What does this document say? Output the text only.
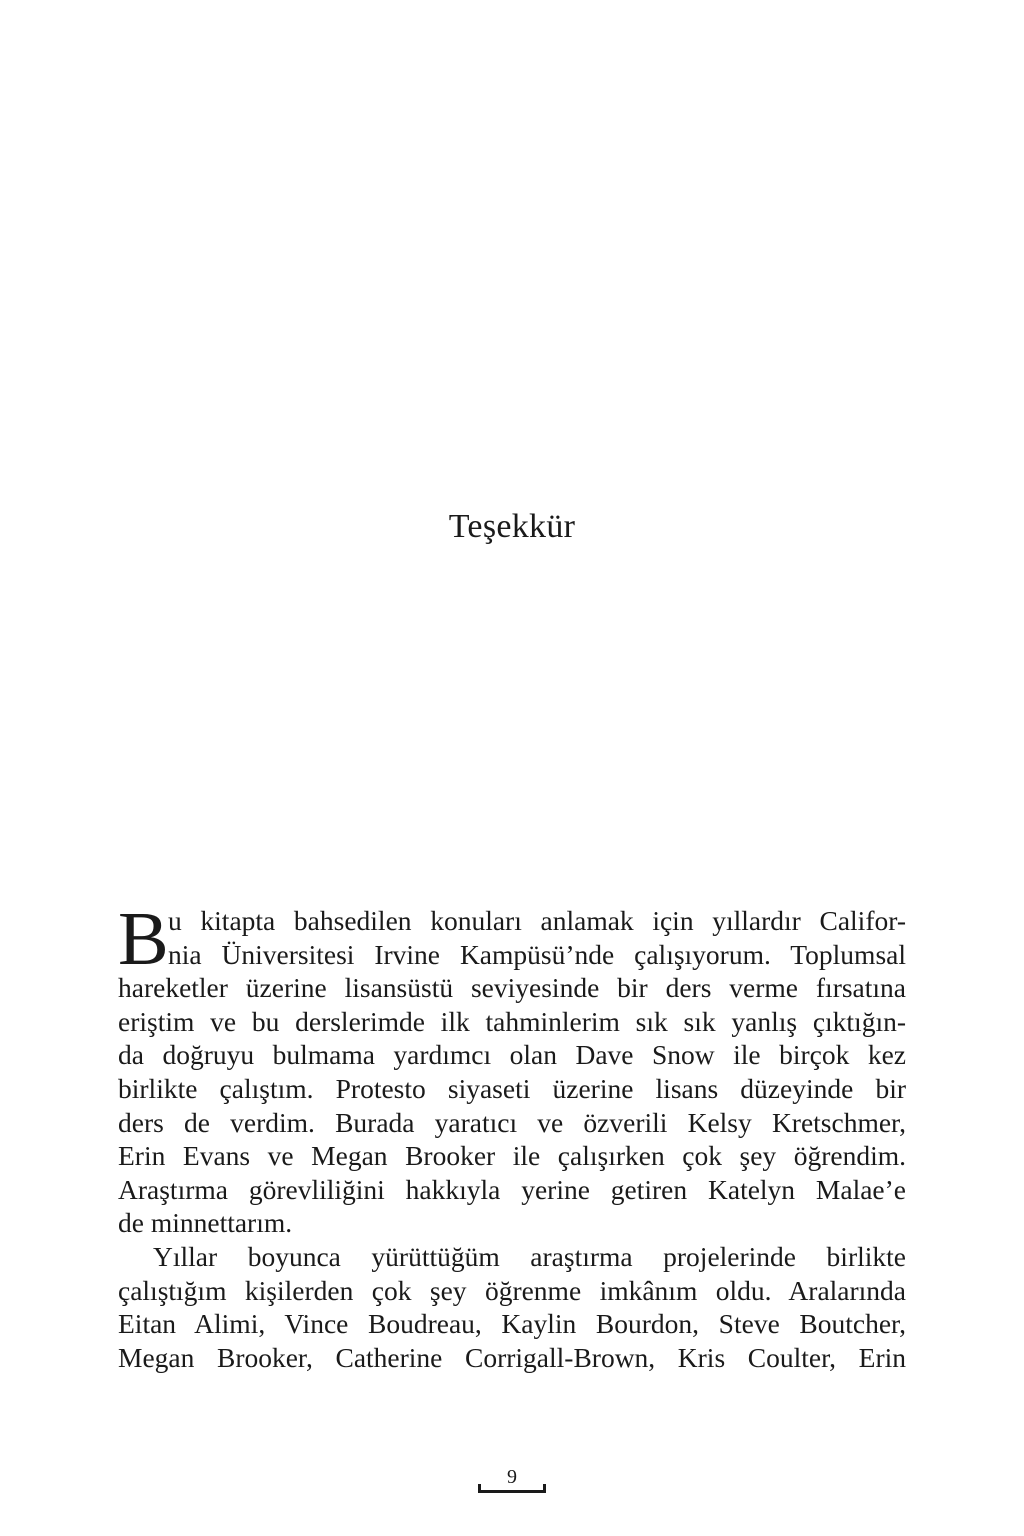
Teşekkür
B u kitapta bahsedilen konuları anlamak için yıllardır Califor-
nia Üniversitesi Irvine Kampüsü’nde çalışıyorum. Toplumsal
hareketler üzerine lisansüstü seviyesinde bir ders verme fırsatına
eriştim ve bu derslerimde ilk tahminlerim sık sık yanlış çıktığın-
da doğruyu bulmama yardımcı olan Dave Snow ile birçok kez
birlikte çalıştım. Protesto siyaseti üzerine lisans düzeyinde bir
ders de verdim. Burada yaratıcı ve özverili Kelsy Kretschmer,
Erin Evans ve Megan Brooker ile çalışırken çok şey öğrendim.
Araştırma görevliliğini hakkıyla yerine getiren Katelyn Malae’e
de minnettarım.
Yıllar boyunca yürüttüğüm araştırma projelerinde birlikte
çalıştığım kişilerden çok şey öğrenme imkânım oldu. Aralarında
Eitan Alimi, Vince Boudreau, Kaylin Bourdon, Steve Boutcher,
Megan Brooker, Catherine Corrigall-Brown, Kris Coulter, Erin
9
